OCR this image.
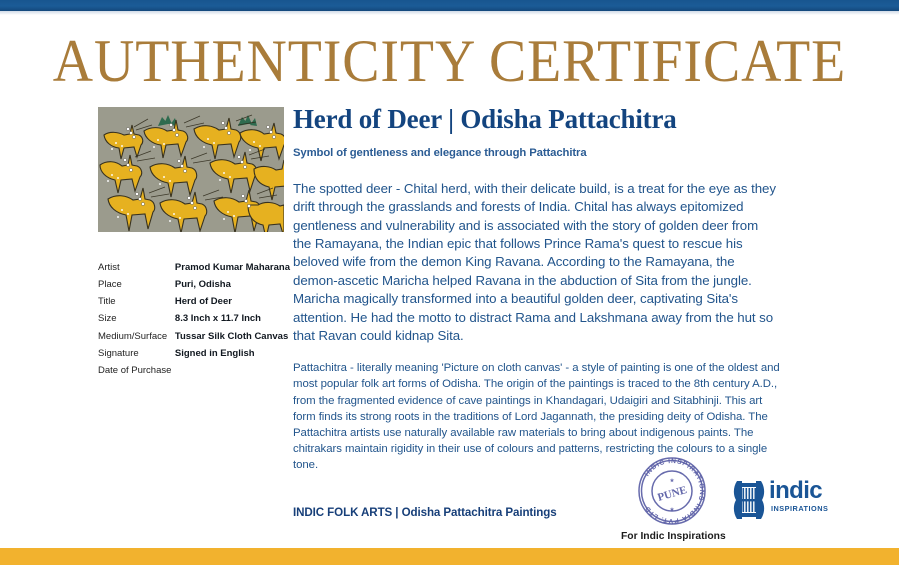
AUTHENTICITY CERTIFICATE
Artist	Pramod Kumar Maharana
Place	Puri, Odisha
Title	Herd of Deer
Size	8.3 Inch x 11.7 Inch
Medium/Surface	Tussar Silk Cloth Canvas
Signature	Signed in English
Date of Purchase	
Herd of Deer | Odisha Pattachitra
Symbol of gentleness and elegance through Pattachitra

The spotted deer - Chital herd, with their delicate build, is a treat for the eye as they drift through the grasslands and forests of India. Chital has always epitomized gentleness and vulnerability and is associated with the story of golden deer from the Ramayana, the Indian epic that follows Prince Rama's quest to rescue his beloved wife from the demon King Ravana. According to the Ramayana, the demon-ascetic Maricha helped Ravana in the abduction of Sita from the jungle. Maricha magically transformed into a beautiful golden deer, captivating Sita's attention. He had the motto to distract Rama and Lakshmana away from the hut so that Ravan could kidnap Sita.

Pattachitra - literally meaning 'Picture on cloth canvas' - a style of painting is one of the oldest and most popular folk art forms of Odisha. The origin of the paintings is traced to the 8th century A.D., from the fragmented evidence of cave paintings in Khandagari, Udaigiri and Sitabhinji. This art form finds its strong roots in the traditions of Lord Jagannath, the presiding deity of Odisha. The Pattachitra artists use naturally available raw materials to bring about indigenous paints. The chitrakars maintain rigidity in their use of colours and patterns, restricting the colours to a single tone.

INDIC FOLK ARTS | Odisha Pattachitra Paintings
INDIC INSPIRATIONS INDIA PVT. LTD
★
PUNE
★
For Indic Inspirations
indic
INSPIRATIONS
